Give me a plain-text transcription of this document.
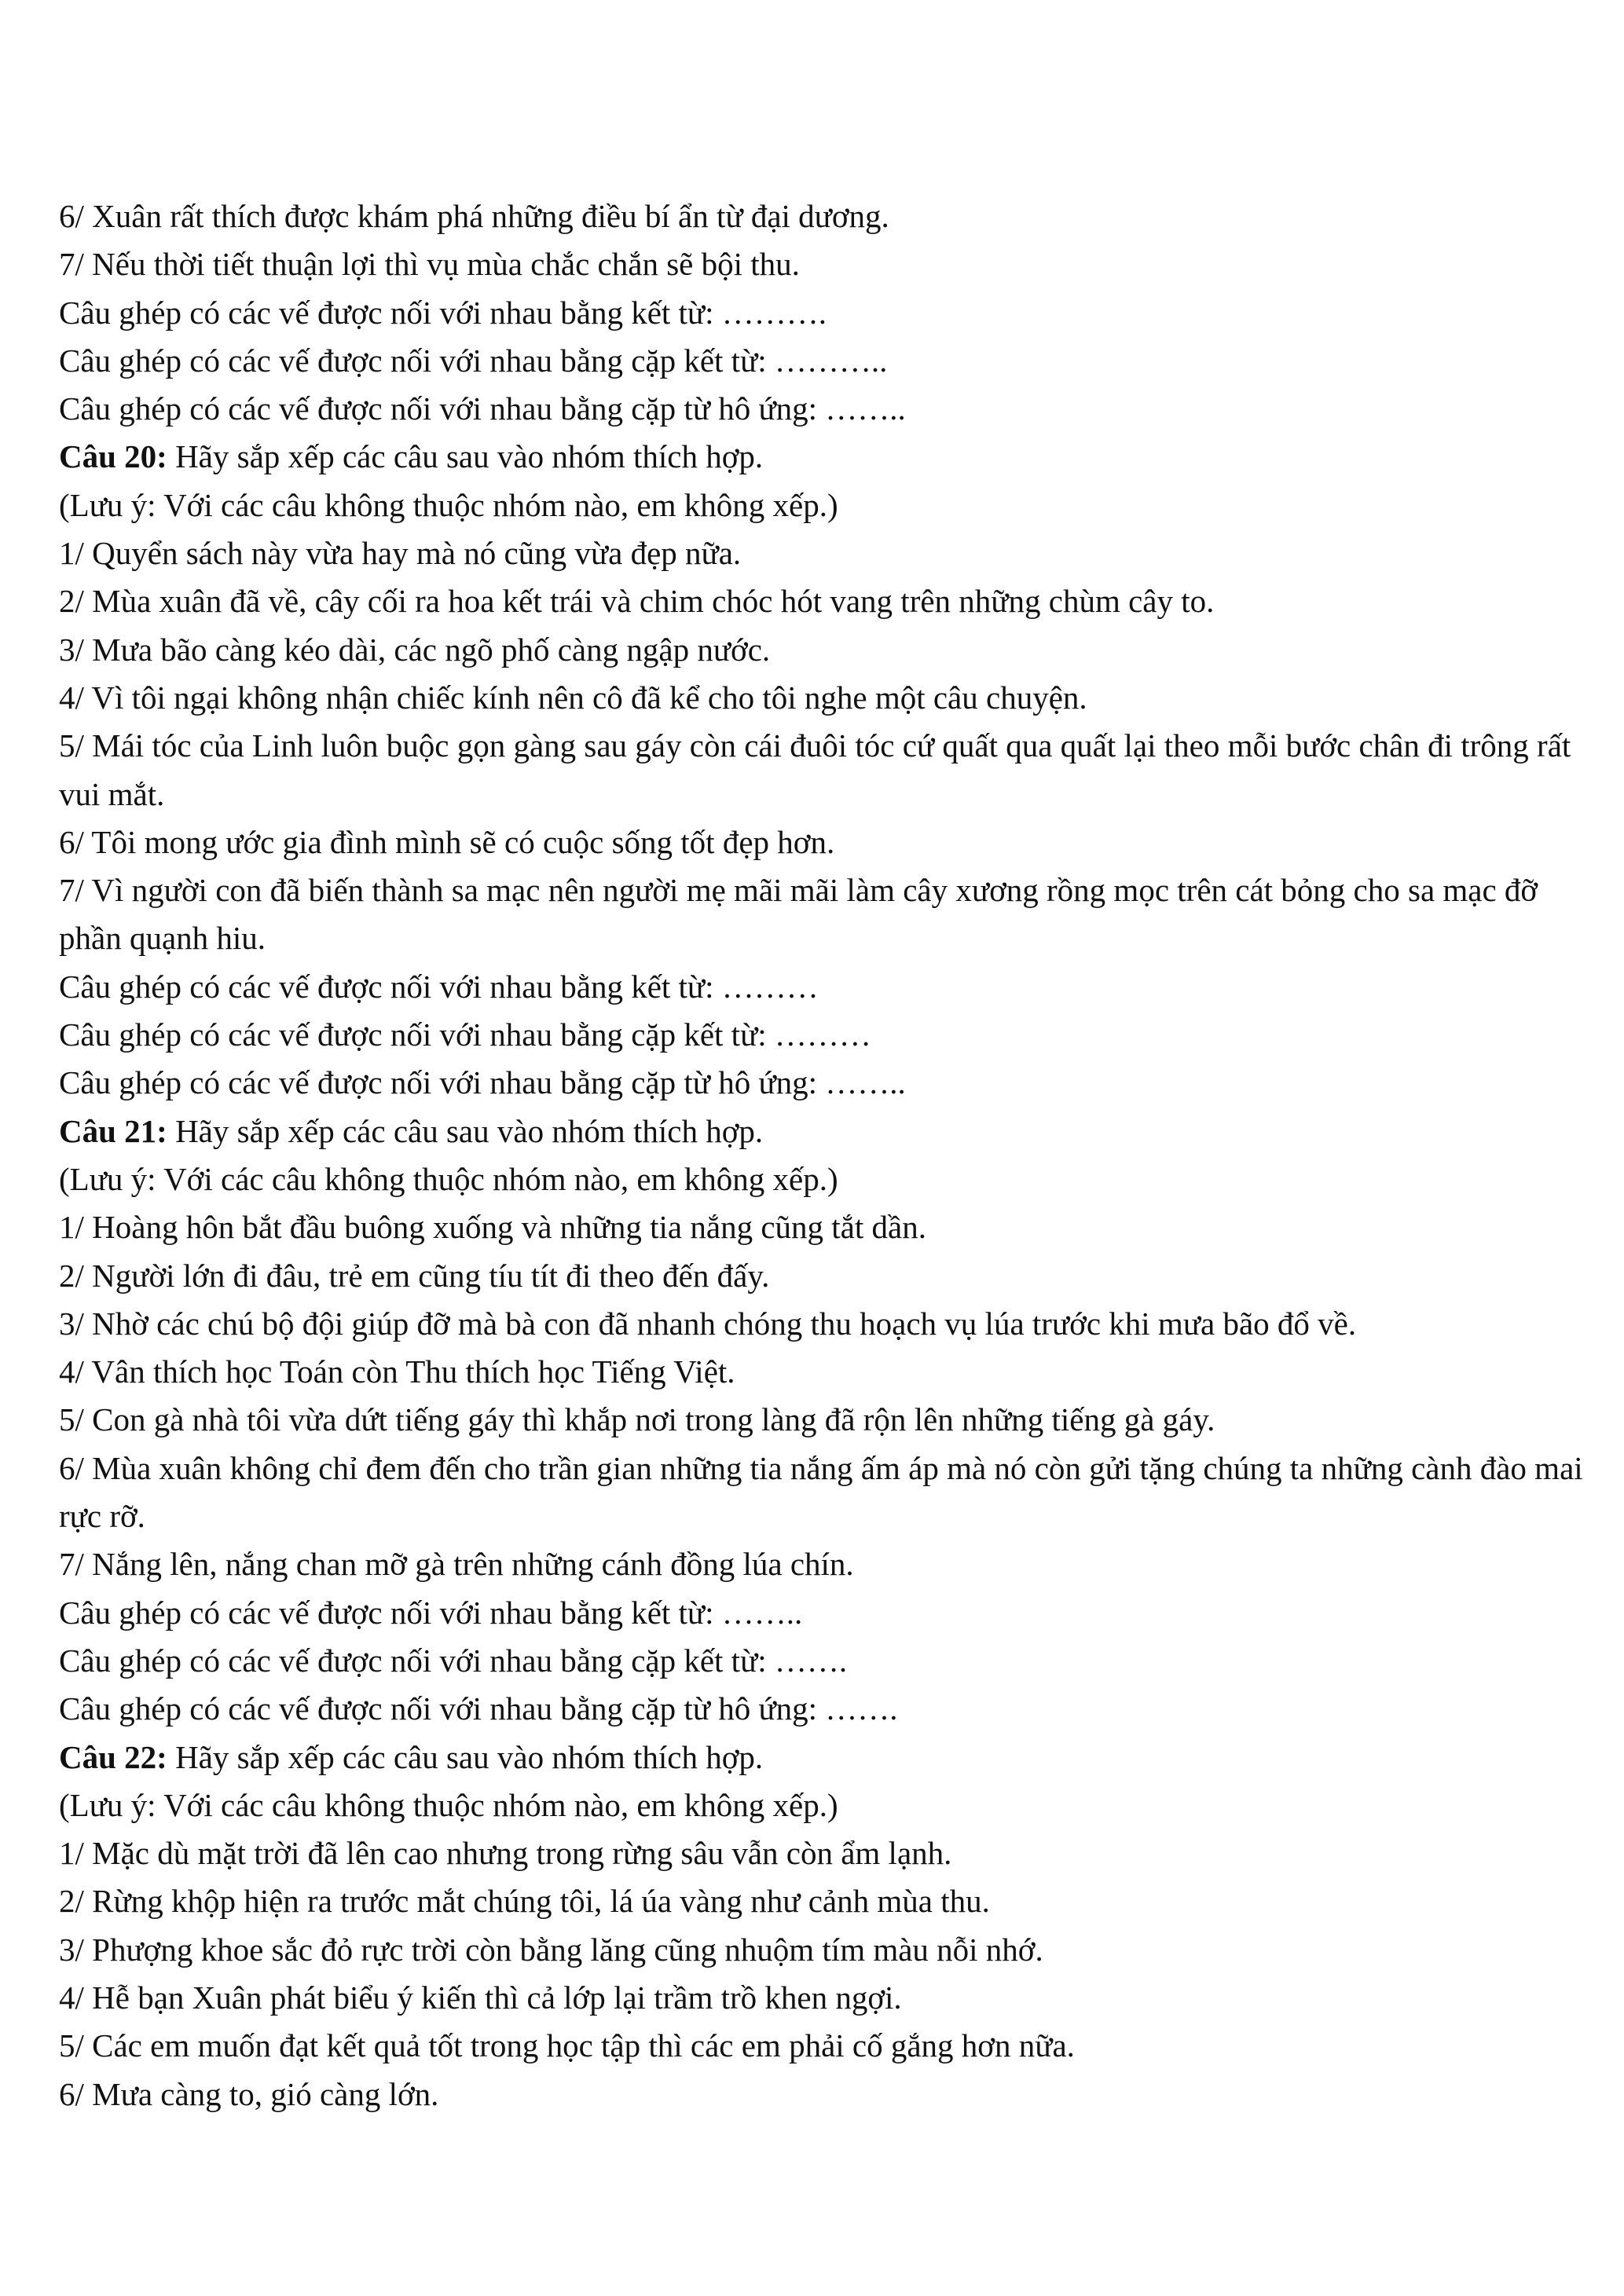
6/ Xuân rất thích được khám phá những điều bí ẩn từ đại dương.

7/ Nếu thời tiết thuận lợi thì vụ mùa chắc chắn sẽ bội thu.

Câu ghép có các vế được nối với nhau bằng kết từ: ……….

Câu ghép có các vế được nối với nhau bằng cặp kết từ: ………..

Câu ghép có các vế được nối với nhau bằng cặp từ hô ứng: ……..

Câu 20: Hãy sắp xếp các câu sau vào nhóm thích hợp.

(Lưu ý: Với các câu không thuộc nhóm nào, em không xếp.)

1/ Quyển sách này vừa hay mà nó cũng vừa đẹp nữa.

2/ Mùa xuân đã về, cây cối ra hoa kết trái và chim chóc hót vang trên những chùm cây to.

3/ Mưa bão càng kéo dài, các ngõ phố càng ngập nước.

4/ Vì tôi ngại không nhận chiếc kính nên cô đã kể cho tôi nghe một câu chuyện.

5/ Mái tóc của Linh luôn buộc gọn gàng sau gáy còn cái đuôi tóc cứ quất qua quất lại theo mỗi bước chân đi trông rất vui mắt.

6/ Tôi mong ước gia đình mình sẽ có cuộc sống tốt đẹp hơn.

7/ Vì người con đã biến thành sa mạc nên người mẹ mãi mãi làm cây xương rồng mọc trên cát bỏng cho sa mạc đỡ phần quạnh hiu.

Câu ghép có các vế được nối với nhau bằng kết từ: ………

Câu ghép có các vế được nối với nhau bằng cặp kết từ: ………

Câu ghép có các vế được nối với nhau bằng cặp từ hô ứng: ……..

Câu 21: Hãy sắp xếp các câu sau vào nhóm thích hợp.

(Lưu ý: Với các câu không thuộc nhóm nào, em không xếp.)

1/ Hoàng hôn bắt đầu buông xuống và những tia nắng cũng tắt dần.

2/ Người lớn đi đâu, trẻ em cũng tíu tít đi theo đến đấy.

3/ Nhờ các chú bộ đội giúp đỡ mà bà con đã nhanh chóng thu hoạch vụ lúa trước khi mưa bão đổ về.

4/ Vân thích học Toán còn Thu thích học Tiếng Việt.

5/ Con gà nhà tôi vừa dứt tiếng gáy thì khắp nơi trong làng đã rộn lên những tiếng gà gáy.

6/ Mùa xuân không chỉ đem đến cho trần gian những tia nắng ấm áp mà nó còn gửi tặng chúng ta những cành đào mai rực rỡ.

7/ Nắng lên, nắng chan mỡ gà trên những cánh đồng lúa chín.

Câu ghép có các vế được nối với nhau bằng kết từ: ……..

Câu ghép có các vế được nối với nhau bằng cặp kết từ: …….

Câu ghép có các vế được nối với nhau bằng cặp từ hô ứng: …….

Câu 22: Hãy sắp xếp các câu sau vào nhóm thích hợp.

(Lưu ý: Với các câu không thuộc nhóm nào, em không xếp.)

1/ Mặc dù mặt trời đã lên cao nhưng trong rừng sâu vẫn còn ẩm lạnh.

2/ Rừng khộp hiện ra trước mắt chúng tôi, lá úa vàng như cảnh mùa thu.

3/ Phượng khoe sắc đỏ rực trời còn bằng lăng cũng nhuộm tím màu nỗi nhớ.

4/ Hễ bạn Xuân phát biểu ý kiến thì cả lớp lại trầm trồ khen ngợi.

5/ Các em muốn đạt kết quả tốt trong học tập thì các em phải cố gắng hơn nữa.

6/ Mưa càng to, gió càng lớn.
